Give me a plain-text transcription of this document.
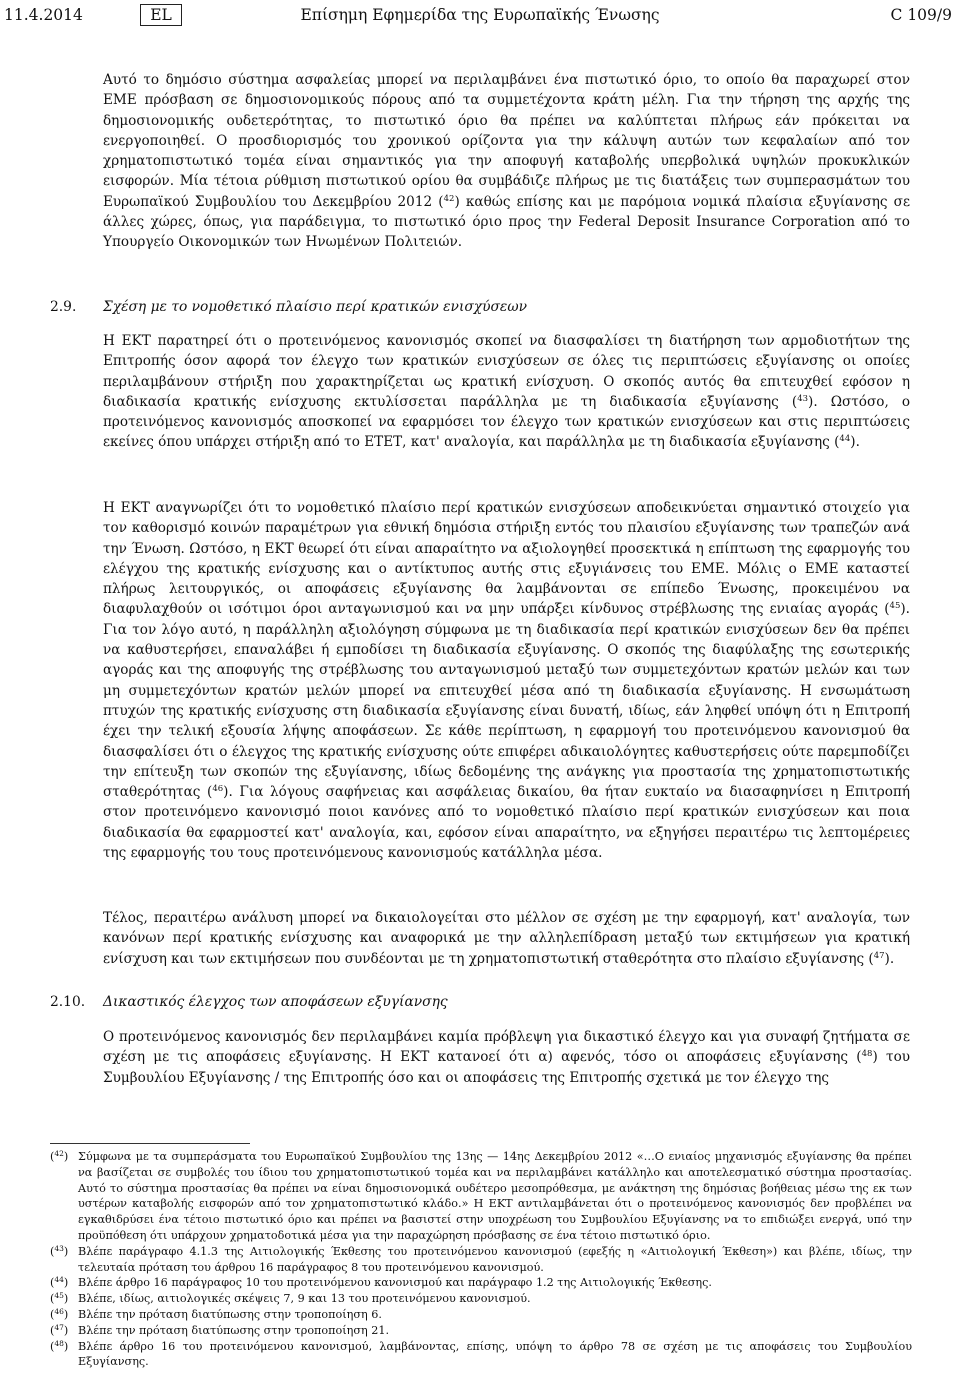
Επίσημη Εφημερίδα της Ευρωπαϊκής Ένωσης
11.4.2014	EL	C 109/9

Αυτό το δημόσιο σύστημα ασφαλείας μπορεί να περιλαμβάνει ένα πιστωτικό όριο, το οποίο θα παραχωρεί στον ΕΜΕ πρόσβαση σε δημοσιονομικούς πόρους από τα συμμετέχοντα κράτη μέλη. Για την τήρηση της αρχής της δημοσιονομικής ουδετερότητας, το πιστωτικό όριο θα πρέπει να καλύπτεται πλήρως εάν πρόκειται να ενεργοποιηθεί. Ο προσδιορισμός του χρονικού ορίζοντα για την κάλυψη αυτών των κεφαλαίων από τον χρηματοπιστωτικό τομέα είναι σημαντικός για την αποφυγή καταβολής υπερβολικά υψηλών προκυκλικών εισφορών. Μία τέτοια ρύθμιση πιστωτικού ορίου θα συμβάδιζε πλήρως με τις διατάξεις των συμπερασμάτων του Ευρωπαϊκού Συμβουλίου του Δεκεμβρίου 2012 ($^{42}$) καθώς επίσης και με παρόμοια νομικά πλαίσια εξυγίανσης σε άλλες χώρες, όπως, για παράδειγμα, το πιστωτικό όριο προς την Federal Deposit Insurance Corporation από το Υπουργείο Οικονομικών των Ηνωμένων Πολιτειών.

2.9. Σχέση με το νομοθετικό πλαίσιο περί κρατικών ενισχύσεων

Η ΕΚΤ παρατηρεί ότι ο προτεινόμενος κανονισμός σκοπεί να διασφαλίσει τη διατήρηση των αρμοδιοτήτων της Επιτροπής όσον αφορά τον έλεγχο των κρατικών ενισχύσεων σε όλες τις περιπτώσεις εξυγίανσης οι οποίες περιλαμβάνουν στήριξη που χαρακτηρίζεται ως κρατική ενίσχυση. Ο σκοπός αυτός θα επιτευχθεί εφόσον η διαδικασία κρατικής ενίσχυσης εκτυλίσσεται παράλληλα με τη διαδικασία εξυγίανσης ($^{43}$). Ωστόσο, ο προτεινόμενος κανονισμός αποσκοπεί να εφαρμόσει τον έλεγχο των κρατικών ενισχύσεων και στις περιπτώσεις εκείνες όπου υπάρχει στήριξη από το ΕΤΕΤ, κατ' αναλογία, και παράλληλα με τη διαδικασία εξυγίανσης ($^{44}$).

Η ΕΚΤ αναγνωρίζει ότι το νομοθετικό πλαίσιο περί κρατικών ενισχύσεων αποδεικνύεται σημαντικό στοιχείο για τον καθορισμό κοινών παραμέτρων για εθνική δημόσια στήριξη εντός του πλαισίου εξυγίανσης των τραπεζών ανά την Ένωση. Ωστόσο, η ΕΚΤ θεωρεί ότι είναι απαραίτητο να αξιολογηθεί προσεκτικά η επίπτωση της εφαρμογής του ελέγχου της κρατικής ενίσχυσης και ο αντίκτυπος αυτής στις εξυγιάνσεις του ΕΜΕ. Μόλις ο ΕΜΕ καταστεί πλήρως λειτουργικός, οι αποφάσεις εξυγίανσης θα λαμβάνονται σε επίπεδο Ένωσης, προκειμένου να διαφυλαχθούν οι ισότιμοι όροι ανταγωνισμού και να μην υπάρξει κίνδυνος στρέβλωσης της ενιαίας αγοράς ($^{45}$). Για τον λόγο αυτό, η παράλληλη αξιολόγηση σύμφωνα με τη διαδικασία περί κρατικών ενισχύσεων δεν θα πρέπει να καθυστερήσει, επαναλάβει ή εμποδίσει τη διαδικασία εξυγίανσης. Ο σκοπός της διαφύλαξης της εσωτερικής αγοράς και της αποφυγής της στρέβλωσης του ανταγωνισμού μεταξύ των συμμετεχόντων κρατών μελών και των μη συμμετεχόντων κρατών μελών μπορεί να επιτευχθεί μέσα από τη διαδικασία εξυγίανσης. Η ενσωμάτωση πτυχών της κρατικής ενίσχυσης στη διαδικασία εξυγίανσης είναι δυνατή, ιδίως, εάν ληφθεί υπόψη ότι η Επιτροπή έχει την τελική εξουσία λήψης αποφάσεων. Σε κάθε περίπτωση, η εφαρμογή του προτεινόμενου κανονισμού θα διασφαλίσει ότι ο έλεγχος της κρατικής ενίσχυσης ούτε επιφέρει αδικαιολόγητες καθυστερήσεις ούτε παρεμποδίζει την επίτευξη των σκοπών της εξυγίανσης, ιδίως δεδομένης της ανάγκης για προστασία της χρηματοπιστωτικής σταθερότητας ($^{46}$). Για λόγους σαφήνειας και ασφάλειας δικαίου, θα ήταν ευκταίο να διασαφηνίσει η Επιτροπή στον προτεινόμενο κανονισμό ποιοι κανόνες από το νομοθετικό πλαίσιο περί κρατικών ενισχύσεων και ποια διαδικασία θα εφαρμοστεί κατ' αναλογία, και, εφόσον είναι απαραίτητο, να εξηγήσει περαιτέρω τις λεπτομέρειες της εφαρμογής του τους προτεινόμενους κανονισμούς κατάλληλα μέσα.

Τέλος, περαιτέρω ανάλυση μπορεί να δικαιολογείται στο μέλλον σε σχέση με την εφαρμογή, κατ' αναλογία, των κανόνων περί κρατικής ενίσχυσης και αναφορικά με την αλληλεπίδραση μεταξύ των εκτιμήσεων για κρατική ενίσχυση και των εκτιμήσεων που συνδέονται με τη χρηματοπιστωτική σταθερότητα στο πλαίσιο εξυγίανσης ($^{47}$).

2.10. Δικαστικός έλεγχος των αποφάσεων εξυγίανσης

Ο προτεινόμενος κανονισμός δεν περιλαμβάνει καμία πρόβλεψη για δικαστικό έλεγχο και για συναφή ζητήματα σε σχέση με τις αποφάσεις εξυγίανσης. Η ΕΚΤ κατανοεί ότι α) αφενός, τόσο οι αποφάσεις εξυγίανσης ($^{48}$) του Συμβουλίου Εξυγίανσης / της Επιτροπής όσο και οι αποφάσεις της Επιτροπής σχετικά με τον έλεγχο της

($^{42}$) Σύμφωνα με τα συμπεράσματα του Ευρωπαϊκού Συμβουλίου της 13ης — 14ης Δεκεμβρίου 2012 «…Ο ενιαίος μηχανισμός εξυγίανσης θα πρέπει να βασίζεται σε συμβολές του ίδιου του χρηματοπιστωτικού τομέα και να περιλαμβάνει κατάλληλο και αποτελεσματικό σύστημα προστασίας. Αυτό το σύστημα προστασίας θα πρέπει να είναι δημοσιονομικά ουδέτερο μεσοπρόθεσμα, με ανάκτηση της δημόσιας βοήθειας μέσω της εκ των υστέρων καταβολής εισφορών από τον χρηματοπιστωτικό κλάδο.» Η ΕΚΤ αντιλαμβάνεται ότι ο προτεινόμενος κανονισμός δεν προβλέπει να εγκαθιδρύσει ένα τέτοιο πιστωτικό όριο και πρέπει να βασιστεί στην υποχρέωση του Συμβουλίου Εξυγίανσης να το επιδιώξει ενεργά, υπό την προϋπόθεση ότι υπάρχουν χρηματοδοτικά μέσα για την παραχώρηση πρόσβασης σε ένα τέτοιο πιστωτικό όριο.
($^{43}$) Βλέπε παράγραφο 4.1.3 της Αιτιολογικής Έκθεσης του προτεινόμενου κανονισμού (εφεξής η «Αιτιολογική Έκθεση») και βλέπε, ιδίως, την τελευταία πρόταση του άρθρου 16 παράγραφος 8 του προτεινόμενου κανονισμού.
($^{44}$) Βλέπε άρθρο 16 παράγραφος 10 του προτεινόμενου κανονισμού και παράγραφο 1.2 της Αιτιολογικής Έκθεσης.
($^{45}$) Βλέπε, ιδίως, αιτιολογικές σκέψεις 7, 9 και 13 του προτεινόμενου κανονισμού.
($^{46}$) Βλέπε την πρόταση διατύπωσης στην τροποποίηση 6.
($^{47}$) Βλέπε την πρόταση διατύπωσης στην τροποποίηση 21.
($^{48}$) Βλέπε άρθρο 16 του προτεινόμενου κανονισμού, λαμβάνοντας, επίσης, υπόψη το άρθρο 78 σε σχέση με τις αποφάσεις του Συμβουλίου Εξυγίανσης.
